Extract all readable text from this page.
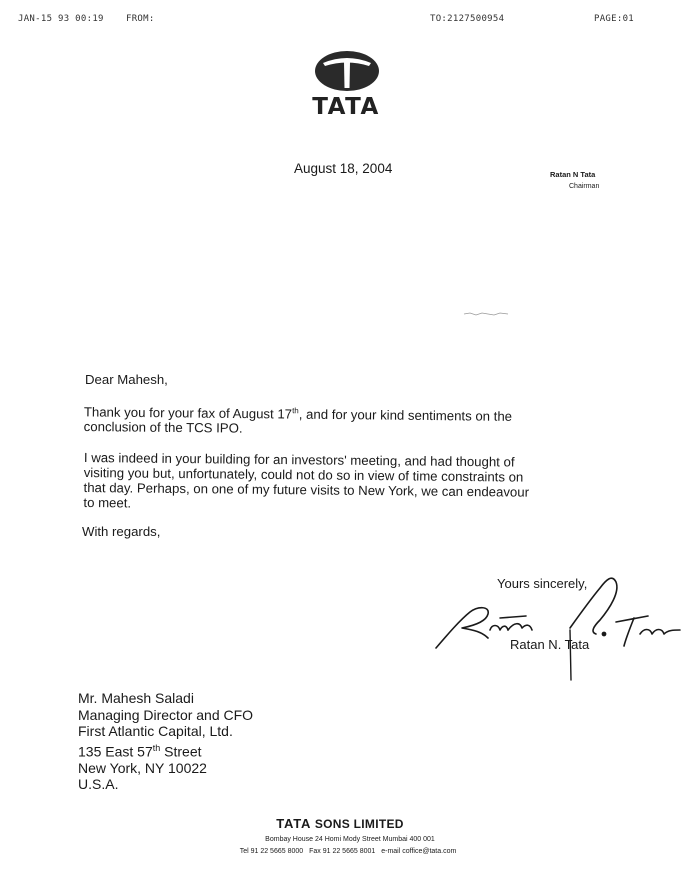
JAN-15 93 00:19 FROM:	TO:2127500954	PAGE:01
TATA
August 18, 2004	Ratan N Tata
Chairman
Dear Mahesh,
Thank you for your fax of August 17th, and for your kind sentiments on the
conclusion of the TCS IPO.
I was indeed in your building for an investors' meeting, and had thought of
visiting you but, unfortunately, could not do so in view of time constraints on
that day. Perhaps, on one of my future visits to New York, we can endeavour
to meet.
With regards,
Yours sincerely,
Ratan N. Tata
Mr. Mahesh Saladi
Managing Director and CFO
First Atlantic Capital, Ltd.
135 East 57th Street
New York, NY 10022
U.S.A.
TATA SONS LIMITED
Bombay House 24 Homi Mody Street Mumbai 400 001
Tel 91 22 5665 8000 Fax 91 22 5665 8001 e-mail coffice@tata.com
